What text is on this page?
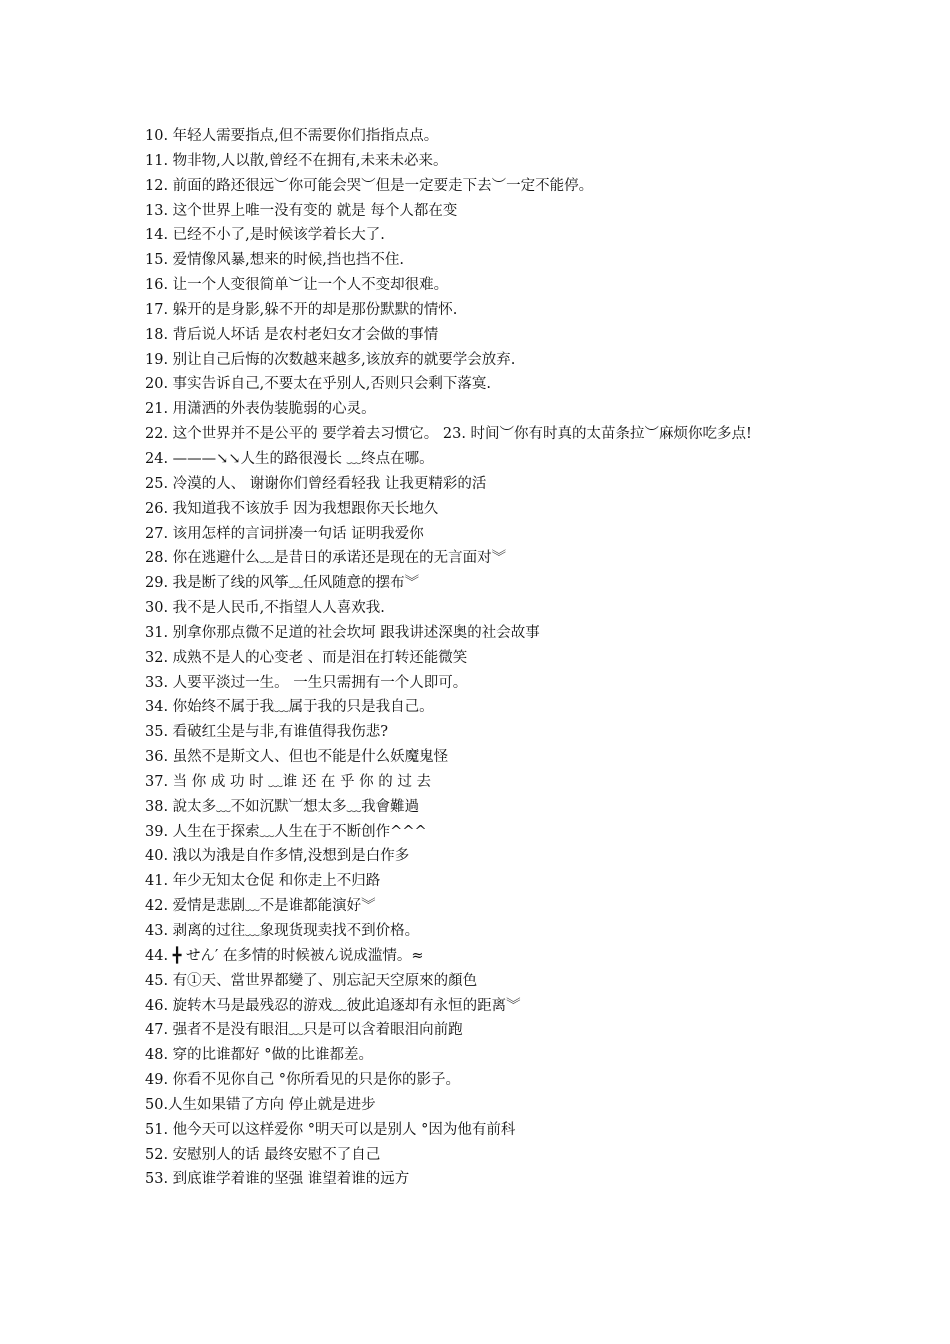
10. 年轻人需要指点,但不需要你们指指点点。
11. 物非物,人以散,曾经不在拥有,未来未必来。
12. 前面的路还很远︶你可能会哭︶但是一定要走下去︶一定不能停。
13. 这个世界上唯一没有变的 就是 每个人都在变
14. 已经不小了,是时候该学着长大了.
15. 爱情像风暴,想来的时候,挡也挡不住.
16. 让一个人变很简单︶让一个人不变却很难。
17. 躲开的是身影,躲不开的却是那份默默的情怀.
18. 背后说人坏话 是农村老妇女才会做的事情
19. 别让自己后悔的次数越来越多,该放弃的就要学会放弃.
20. 事实告诉自己,不要太在乎别人,否则只会剩下落寞.
21. 用潇洒的外表伪装脆弱的心灵。
22. 这个世界并不是公平的 要学着去习惯它。 23. 时间︶你有时真的太苗条拉︶麻烦你吃多点!
24. ———↘↘人生的路很漫长 ﹏终点在哪。
25. 冷漠的人、 谢谢你们曾经看轻我 让我更精彩的活
26. 我知道我不该放手 因为我想跟你天长地久
27. 该用怎样的言词拼凑一句话 证明我爱你
28. 你在逃避什么﹏是昔日的承诺还是现在的无言面对︾
29. 我是断了线的风筝﹏任风随意的摆布︾
30. 我不是人民币,不指望人人喜欢我.
31. 别拿你那点微不足道的社会坎坷 跟我讲述深奥的社会故事
32. 成熟不是人的心变老 、而是泪在打转还能微笑
33. 人要平淡过一生。 一生只需拥有一个人即可。
34. 你始终不属于我﹏属于我的只是我自己。
35. 看破红尘是与非,有谁值得我伤悲?
36. 虽然不是斯文人、但也不能是什么妖魔鬼怪
37. 当 你 成 功 时 ﹏谁 还 在 乎 你 的 过 去
38. 說太多﹏不如沉默︺想太多﹏我會難過
39. 人生在于探索﹏人生在于不断创作^^^
40. 涐以为涐是自作多情,没想到是白作多
41. 年少无知太仓促 和你走上不归路
42. 爱情是悲剧﹏不是谁都能演好︾
43. 剥离的过往﹏象现货现卖找不到价格。
44. ╋ せん′ 在多情的时候被ん说成滥情。≈
45. 有①天、當世界都變了、別忘記天空原來的顏色
46. 旋转木马是最残忍的游戏﹏彼此追逐却有永恒的距离︾
47. 强者不是没有眼泪﹏只是可以含着眼泪向前跑
48. 穿的比谁都好 °做的比谁都差。
49. 你看不见你自己 °你所看见的只是你的影子。
50.人生如果错了方向 停止就是进步
51. 他今天可以这样爱你 °明天可以是别人 °因为他有前科
52. 安慰别人的话 最终安慰不了自己
53. 到底谁学着谁的坚强 谁望着谁的远方
